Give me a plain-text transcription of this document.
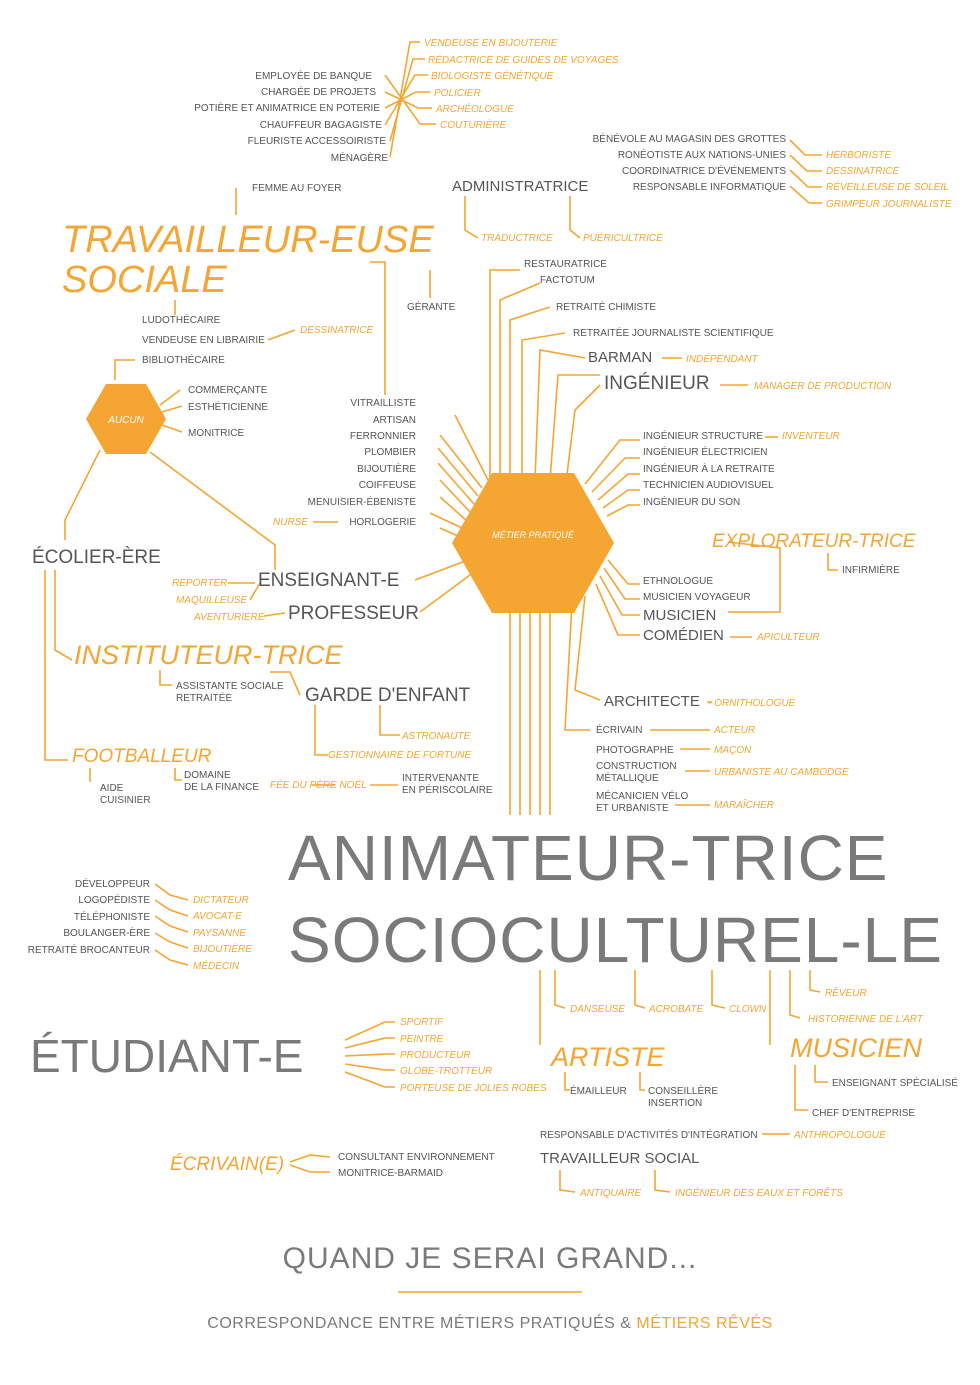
MÉTIER PRATIQUÉ
AUCUN
EMPLOYÉE DE BANQUE
CHARGÉE DE PROJETS
POTIÈRE ET ANIMATRICE EN POTERIE
CHAUFFEUR BAGAGISTE
FLEURISTE ACCESSOIRISTE
MÉNAGÈRE
VENDEUSE EN BIJOUTERIE
RÉDACTRICE DE GUIDES DE VOYAGES
BIOLOGISTE GÉNÉTIQUE
POLICIER
ARCHÉOLOGUE
COUTURIÈRE
BÉNÉVOLE AU MAGASIN DES GROTTES
RONÉOTISTE AUX NATIONS-UNIES
COORDINATRICE D'ÉVÉNEMENTS
RESPONSABLE INFORMATIQUE
HERBORISTE
DESSINATRICE
RÉVEILLEUSE DE SOLEIL
GRIMPEUR JOURNALISTE
ADMINISTRATRICE
TRADUCTRICE	PUÉRICULTRICE
FEMME AU FOYER
TRAVAILLEUR-EUSE
SOCIALE
GÉRANTE
LUDOTHÉCAIRE
VENDEUSE EN LIBRAIRIE
DESSINATRICE
BIBLIOTHÉCAIRE
COMMERÇANTE
ESTHÉTICIENNE
MONITRICE
VITRAILLISTE
ARTISAN
FERRONNIER
PLOMBIER
BIJOUTIÈRE
COIFFEUSE
MENUISIER-ÉBENISTE
HORLOGERIE
NURSE
RESTAURATRICE
FACTOTUM
RETRAITÉ CHIMISTE
RETRAITÉE JOURNALISTE SCIENTIFIQUE
BARMAN	INDÉPENDANT
INGÉNIEUR	MANAGER DE PRODUCTION
INGÉNIEUR STRUCTURE INVENTEUR
INGÉNIEUR ÉLECTRICIEN
INGÉNIEUR À LA RETRAITE
TECHNICIEN AUDIOVISUEL
INGÉNIEUR DU SON
EXPLORATEUR-TRICE
INFIRMIÈRE
ETHNOLOGUE
MUSICIEN VOYAGEUR
MUSICIEN
COMÉDIEN	APICULTEUR
ARCHITECTE - ORNITHOLOGUE
ÉCRIVAIN
PHOTOGRAPHE
CONSTRUCTION
MÉTALLIQUE
MÉCANICIEN VÉLO
ET URBANISTE
ACTEUR
MAÇON
URBANISTE AU CAMBODGE
MARAÎCHER
ÉCOLIER-ÈRE
ENSEIGNANT-E
REPORTER
MAQUILLEUSE
PROFESSEUR
AVENTURIÈRE
INSTITUTEUR-TRICE
ASSISTANTE SOCIALE
RETRAITÉE	GARDE D'ENFANT
ASTRONAUTE
GESTIONNAIRE DE FORTUNE
FOOTBALLEUR
AIDE
CUISINIER
DOMAINE
DE LA FINANCE FÉE DU PÈRE NOËL
INTERVENANTE
EN PÉRISCOLAIRE
ANIMATEUR-TRICE
SOCIOCULTUREL-LE
DÉVELOPPEUR
LOGOPÉDISTE
TÉLÉPHONISTE
BOULANGER-ÈRE
RETRAITÉ BROCANTEUR
DICTATEUR
AVOCAT-E
PAYSANNE
BIJOUTIÈRE
MÉDECIN
ÉTUDIANT-E
SPORTIF
PEINTRE
PRODUCTEUR
GLOBE-TROTTEUR
PORTEUSE DE JOLIES ROBES
DANSEUSE ACROBATE	CLOWN
ARTISTE
ÉMAILLEUR CONSEILLÈRE
INSERTION
RÊVEUR
HISTORIENNE DE L'ART
MUSICIEN
ENSEIGNANT SPÉCIALISÉ
CHEF D'ENTREPRISE
RESPONSABLE D'ACTIVITÉS D'INTÉGRATION	ANTHROPOLOGUE
TRAVAILLEUR SOCIAL
ANTIQUAIRE	INGÉNIEUR DES EAUX ET FORÊTS
ÉCRIVAIN(E)	CONSULTANT ENVIRONNEMENT
MONITRICE-BARMAID
QUAND JE SERAI GRAND...
CORRESPONDANCE ENTRE MÉTIERS PRATIQUÉS & MÉTIERS RÊVÉS
